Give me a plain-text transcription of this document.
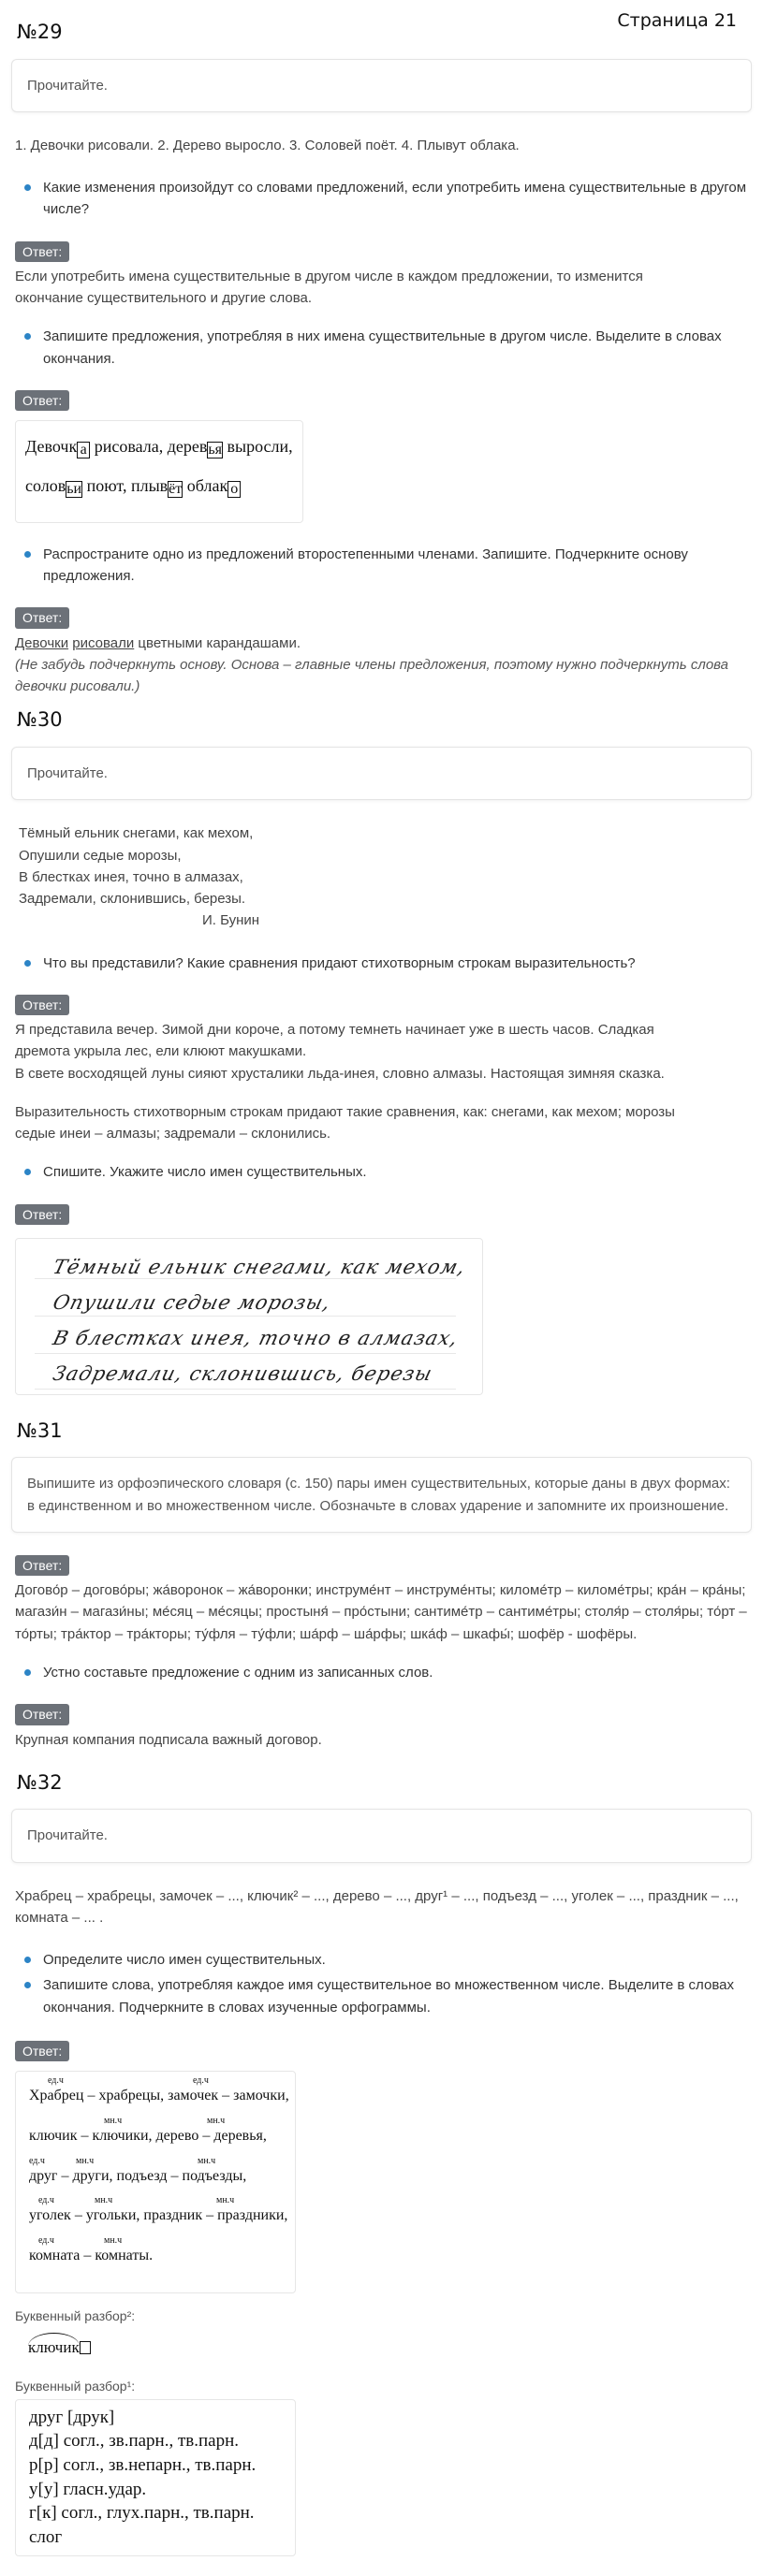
Страница 21
№29
Прочитайте.
1. Девочки рисовали. 2. Дерево выросло. 3. Соловей поёт. 4. Плывут облака.
Какие изменения произойдут со словами предложений, если употребить имена существительные в другом числе?
Ответ:

Если употребить имена существительные в другом числе в каждом предложении, то изменится

окончание существительного и другие слова.

Запишите предложения, употребляя в них имена существительные в другом числе. Выделите в словах окончания.
Ответ:
Девочк а рисовала, деревья выросли,
соловьи поют, плывёт облак о
Распространите одно из предложений второстепенными членами. Запишите. Подчеркните основу предложения.
Ответ:

Девочки рисовали цветными карандашами.

(Не забудь подчеркнуть основу. Основа – главные члены предложения, поэтому нужно подчеркнуть слова девочки рисовали.)

№30
Прочитайте.
Тёмный ельник снегами, как мехом,
Опушили седые морозы,
В блестках инея, точно в алмазах,
Задремали, склонившись, березы.
И. Бунин
Что вы представили? Какие сравнения придают стихотворным строкам выразительность?
Ответ:

Я представила вечер. Зимой дни короче, а потому темнеть начинает уже в шесть часов. Сладкая

дремота укрыла лес, ели клюют макушками.

В свете восходящей луны сияют хрусталики льда-инея, словно алмазы. Настоящая зимняя сказка.

Выразительность стихотворным строкам придают такие сравнения, как: снегами, как мехом; морозы

седые инеи – алмазы; задремали – склонились.

Спишите. Укажите число имен существительных.
Ответ:
Тёмный ельник снегами, как мехом,
Опушили седые морозы,
В блестках инея, точно в алмазах,
Задремали, склонившись, березы
№31
Выпишите из орфоэпического словаря (с. 150) пары имен существительных, которые даны в двух формах: в единственном и во множественном числе. Обозначьте в словах ударение и запомните их произношение.
Ответ:
Догово́р – догово́ры; жа́воронок – жа́воронки; инструме́нт – инструме́нты; киломе́тр – киломе́тры; кра́н – кра́ны; магази́н – магази́ны; ме́сяц – ме́сяцы; простыня́ – про́стыни; сантиме́тр – сантиме́тры; столя́р – столя́ры; то́рт – то́рты; тра́ктор – тра́кторы; ту́фля – ту́фли; ша́рф – ша́рфы; шка́ф – шкафы́; шофёр - шофёры.
Устно составьте предложение с одним из записанных слов.
Ответ:
Крупная компания подписала важный договор.
№32
Прочитайте.
Храбрец – храбрецы, замочек – ..., ключик² – ..., дерево – ..., друг¹ – ..., подъезд – ..., уголек – ..., праздник – ..., комната – ... .
Определите число имен существительных.
Запишите слова, употребляя каждое имя существительное во множественном числе. Выделите в словах окончания. Подчеркните в словах изученные орфограммы.
Ответ:
ед.ч	ед.ч
Храбрец – храбрецы, замочек – замочки,
мн.ч	мн.ч
ключик – ключики, дерево – деревья,
ед.ч	мн.ч	мн.ч
друг – други, подъезд – подъезды,
ед.ч	мн.ч	мн.ч
уголек – угольки, праздник – праздники,
ед.ч	мн.ч
комната – комнаты.
Буквенный разбор²:
ключик
Буквенный разбор¹:
друг [друк]
д[д] согл., зв.парн., тв.парн.
р[р] согл., зв.непарн., тв.парн.
у[у] гласн.удар.
г[к] согл., глух.парн., тв.парн.
слог
